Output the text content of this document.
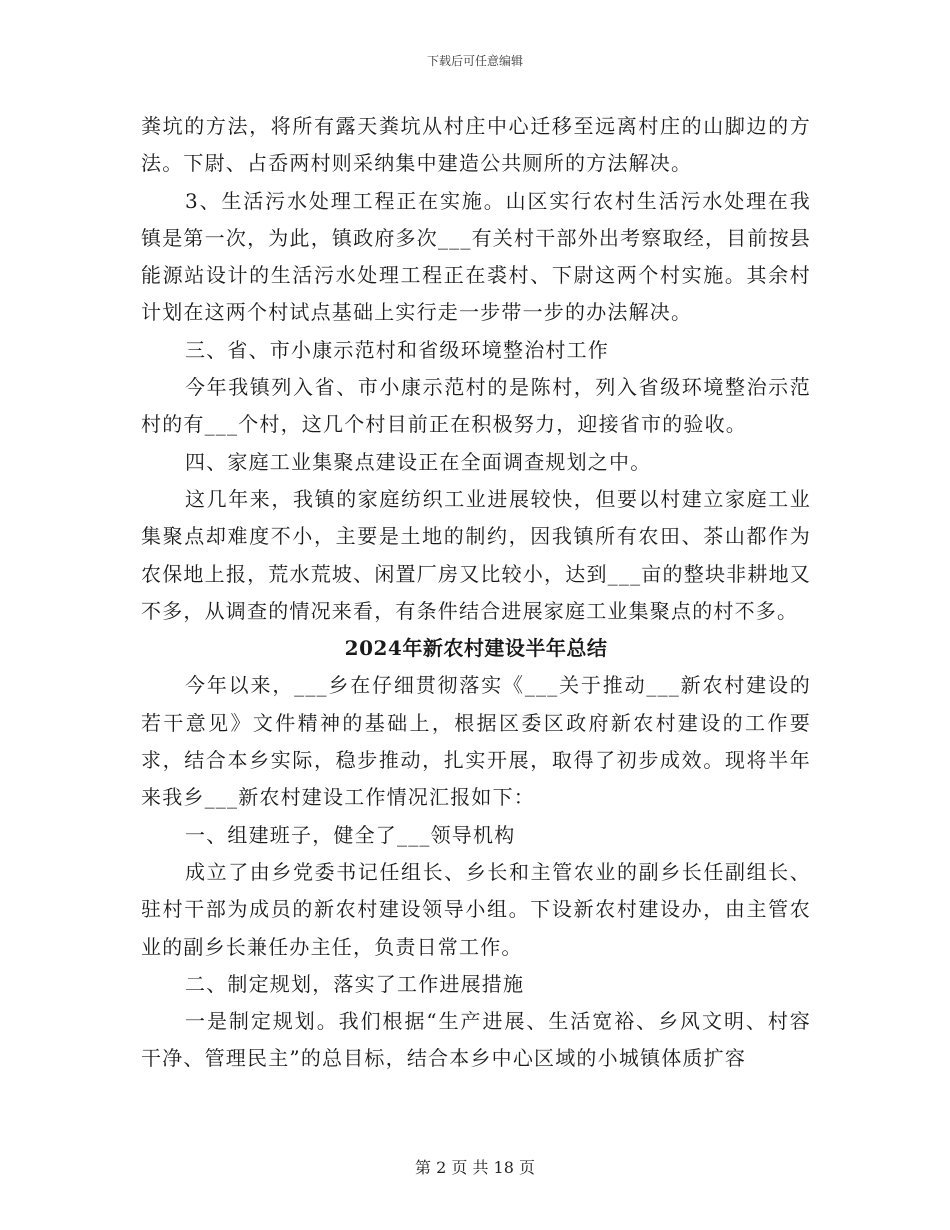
下载后可任意编辑

粪坑的方法，将所有露天粪坑从村庄中心迁移至远离村庄的山脚边的方法。下尉、占岙两村则采纳集中建造公共厕所的方法解决。

3、生活污水处理工程正在实施。山区实行农村生活污水处理在我镇是第一次，为此，镇政府多次___有关村干部外出考察取经，目前按县能源站设计的生活污水处理工程正在裘村、下尉这两个村实施。其余村计划在这两个村试点基础上实行走一步带一步的办法解决。

三、省、市小康示范村和省级环境整治村工作

今年我镇列入省、市小康示范村的是陈村，列入省级环境整治示范村的有___个村，这几个村目前正在积极努力，迎接省市的验收。

四、家庭工业集聚点建设正在全面调查规划之中。

这几年来，我镇的家庭纺织工业进展较快，但要以村建立家庭工业集聚点却难度不小，主要是土地的制约，因我镇所有农田、茶山都作为农保地上报，荒水荒坡、闲置厂房又比较小，达到___亩的整块非耕地又不多，从调查的情况来看，有条件结合进展家庭工业集聚点的村不多。

2024年新农村建设半年总结

今年以来，___乡在仔细贯彻落实《___关于推动___新农村建设的若干意见》文件精神的基础上，根据区委区政府新农村建设的工作要求，结合本乡实际，稳步推动，扎实开展，取得了初步成效。现将半年来我乡___新农村建设工作情况汇报如下：

一、组建班子，健全了___领导机构

成立了由乡党委书记任组长、乡长和主管农业的副乡长任副组长、驻村干部为成员的新农村建设领导小组。下设新农村建设办，由主管农业的副乡长兼任办主任，负责日常工作。

二、制定规划，落实了工作进展措施

一是制定规划。我们根据“生产进展、生活宽裕、乡风文明、村容干净、管理民主”的总目标，结合本乡中心区域的小城镇体质扩容

第 2 页 共 18 页
